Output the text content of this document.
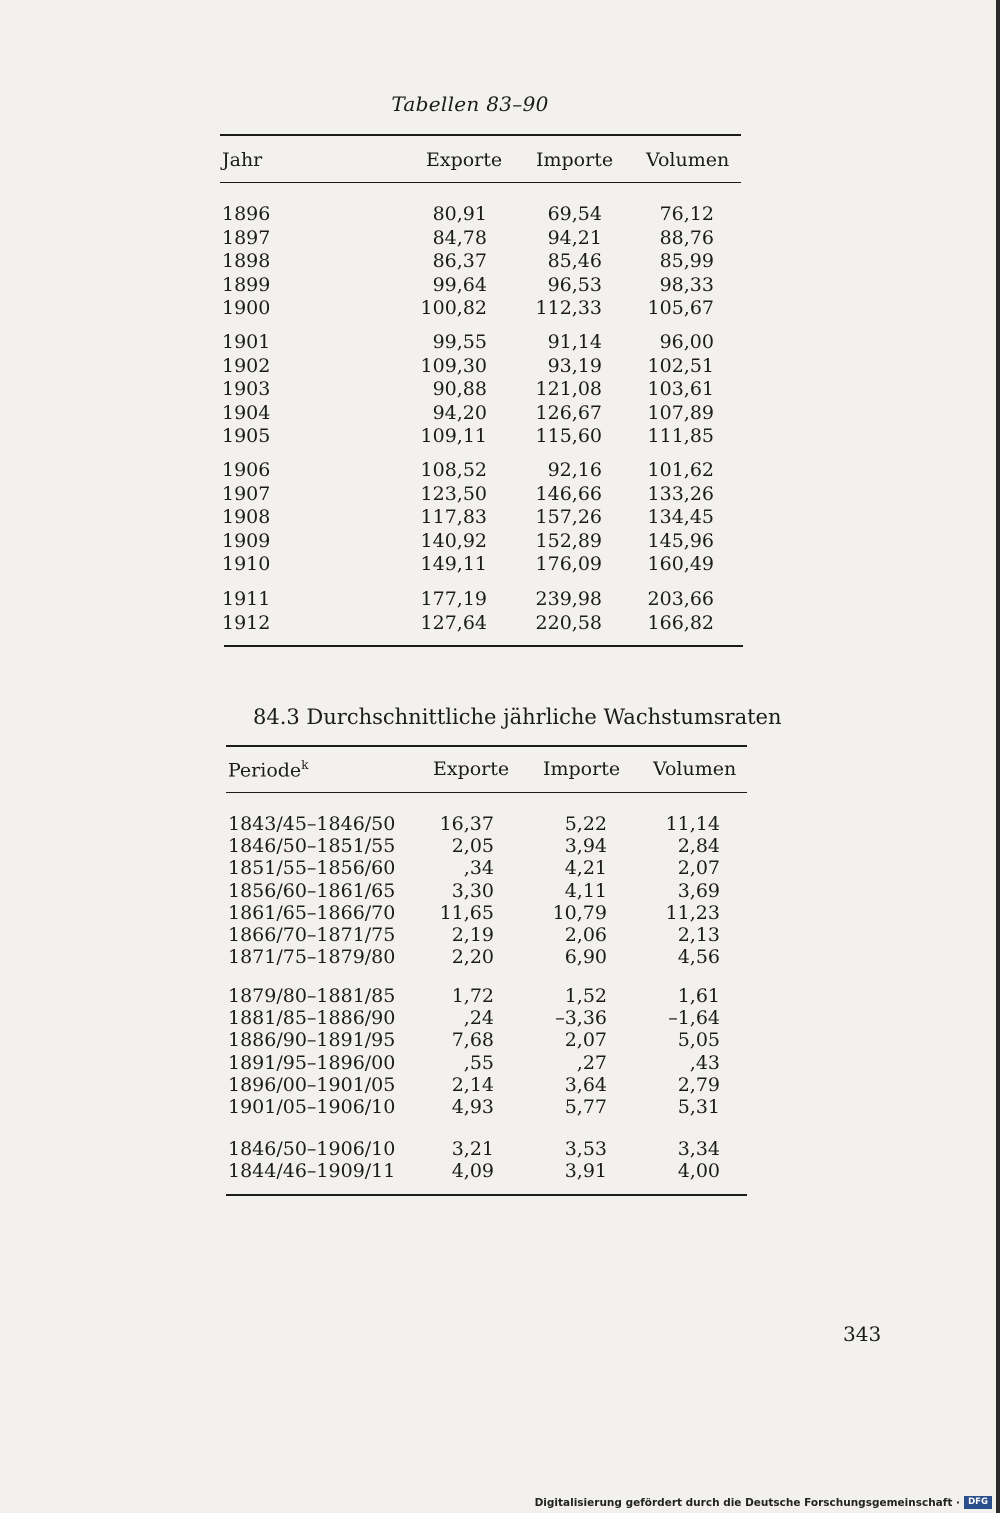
Tabellen 83–90
Jahr	Exporte Importe Volumen
1896	80,91	69,54	76,12
1897	84,78	94,21	88,76
1898	86,37	85,46	85,99
1899	99,64	96,53	98,33
1900	100,82	112,33 105,67
1901	99,55	91,14	96,00
1902	109,30	93,19 102,51
1903	90,88	121,08 103,61
1904	94,20	126,67 107,89
1905	109,11	115,60 111,85
1906	108,52	92,16 101,62
1907	123,50	146,66 133,26
1908	117,83	157,26 134,45
1909	140,92	152,89 145,96
1910	149,11	176,09 160,49
1911	177,19	239,98 203,66
1912	127,64	220,58 166,82
84.3 Durchschnittliche jährliche Wachstumsraten
Periode$^k$	Exporte Importe Volumen
1843/45–1846/50 16,37	5,22	11,14
1846/50–1851/55	2,05	3,94	2,84
1851/55–1856/60	,34	4,21	2,07
1856/60–1861/65	3,30	4,11	3,69
1861/65–1866/70 11,65	10,79	11,23
1866/70–1871/75	2,19	2,06	2,13
1871/75–1879/80	2,20	6,90	4,56
1879/80–1881/85	1,72	1,52	1,61
1881/85–1886/90	,24	–3,36	–1,64
1886/90–1891/95	7,68	2,07	5,05
1891/95–1896/00	,55	,27	,43
1896/00–1901/05	2,14	3,64	2,79
1901/05–1906/10	4,93	5,77	5,31
1846/50–1906/10	3,21	3,53	3,34
1844/46–1909/11	4,09	3,91	4,00
343
Digitalisierung gefördert durch die Deutsche Forschungsgemeinschaft · DFG
